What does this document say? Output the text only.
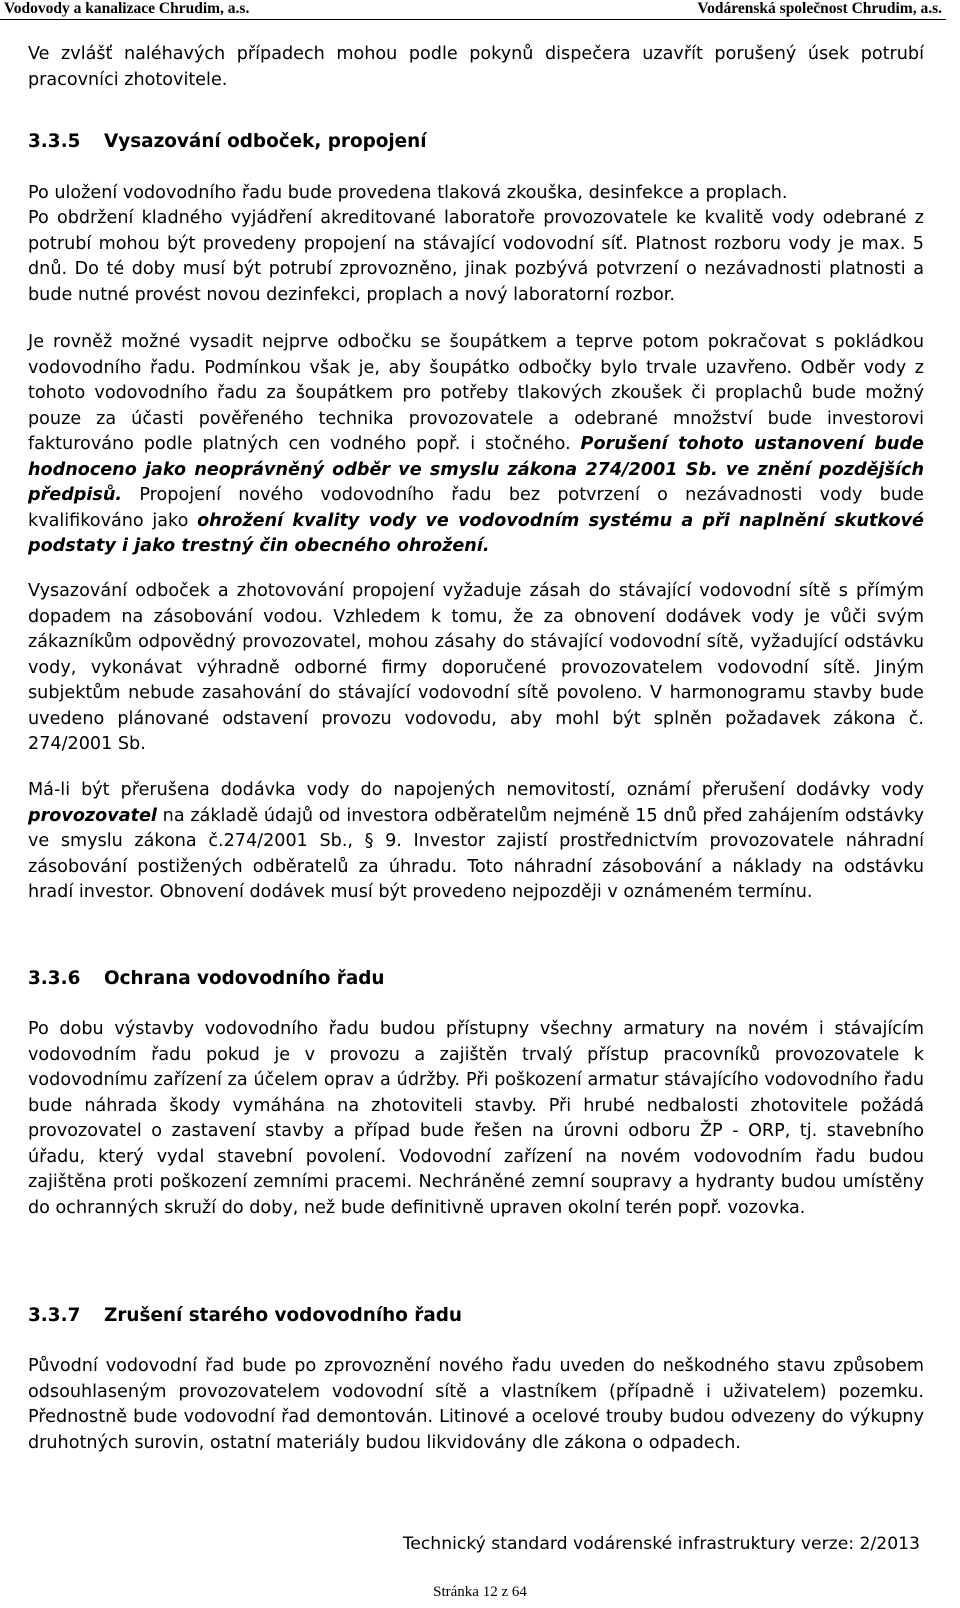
Vodovody a kanalizace Chrudim, a.s.	Vodárenská společnost Chrudim, a.s.

Ve zvlášť naléhavých případech mohou podle pokynů dispečera uzavřít porušený úsek potrubí pracovníci zhotovitele.

3.3.5 Vysazování odboček, propojení

Po uložení vodovodního řadu bude provedena tlaková zkouška, desinfekce a proplach.

Po obdržení kladného vyjádření akreditované laboratoře provozovatele ke kvalitě vody odebrané z potrubí mohou být provedeny propojení na stávající vodovodní síť. Platnost rozboru vody je max. 5 dnů. Do té doby musí být potrubí zprovozněno, jinak pozbývá potvrzení o nezávadnosti platnosti a bude nutné provést novou dezinfekci, proplach a nový laboratorní rozbor.

Je rovněž možné vysadit nejprve odbočku se šoupátkem a teprve potom pokračovat s pokládkou vodovodního řadu. Podmínkou však je, aby šoupátko odbočky bylo trvale uzavřeno. Odběr vody z tohoto vodovodního řadu za šoupátkem pro potřeby tlakových zkoušek či proplachů bude možný pouze za účasti pověřeného technika provozovatele a odebrané množství bude investorovi fakturováno podle platných cen vodného popř. i stočného. Porušení tohoto ustanovení bude hodnoceno jako neoprávněný odběr ve smyslu zákona 274/2001 Sb. ve znění pozdějších předpisů. Propojení nového vodovodního řadu bez potvrzení o nezávadnosti vody bude kvalifikováno jako ohrožení kvality vody ve vodovodním systému a při naplnění skutkové podstaty i jako trestný čin obecného ohrožení.

Vysazování odboček a zhotovování propojení vyžaduje zásah do stávající vodovodní sítě s přímým dopadem na zásobování vodou. Vzhledem k tomu, že za obnovení dodávek vody je vůči svým zákazníkům odpovědný provozovatel, mohou zásahy do stávající vodovodní sítě, vyžadující odstávku vody, vykonávat výhradně odborné firmy doporučené provozovatelem vodovodní sítě. Jiným subjektům nebude zasahování do stávající vodovodní sítě povoleno. V harmonogramu stavby bude uvedeno plánované odstavení provozu vodovodu, aby mohl být splněn požadavek zákona č. 274/2001 Sb.

Má-li být přerušena dodávka vody do napojených nemovitostí, oznámí přerušení dodávky vody provozovatel na základě údajů od investora odběratelům nejméně 15 dnů před zahájením odstávky ve smyslu zákona č.274/2001 Sb., § 9. Investor zajistí prostřednictvím provozovatele náhradní zásobování postižených odběratelů za úhradu. Toto náhradní zásobování a náklady na odstávku hradí investor. Obnovení dodávek musí být provedeno nejpozději v oznámeném termínu.

3.3.6 Ochrana vodovodního řadu

Po dobu výstavby vodovodního řadu budou přístupny všechny armatury na novém i stávajícím vodovodním řadu pokud je v provozu a zajištěn trvalý přístup pracovníků provozovatele k vodovodnímu zařízení za účelem oprav a údržby. Při poškození armatur stávajícího vodovodního řadu bude náhrada škody vymáhána na zhotoviteli stavby. Při hrubé nedbalosti zhotovitele požádá provozovatel o zastavení stavby a případ bude řešen na úrovni odboru ŽP - ORP, tj. stavebního úřadu, který vydal stavební povolení. Vodovodní zařízení na novém vodovodním řadu budou zajištěna proti poškození zemními pracemi. Nechráněné zemní soupravy a hydranty budou umístěny do ochranných skruží do doby, než bude definitivně upraven okolní terén popř. vozovka.

3.3.7 Zrušení starého vodovodního řadu

Původní vodovodní řad bude po zprovoznění nového řadu uveden do neškodného stavu způsobem odsouhlaseným provozovatelem vodovodní sítě a vlastníkem (případně i uživatelem) pozemku. Přednostně bude vodovodní řad demontován. Litinové a ocelové trouby budou odvezeny do výkupny druhotných surovin, ostatní materiály budou likvidovány dle zákona o odpadech.

Technický standard vodárenské infrastruktury verze: 2/2013
Stránka 12 z 64
